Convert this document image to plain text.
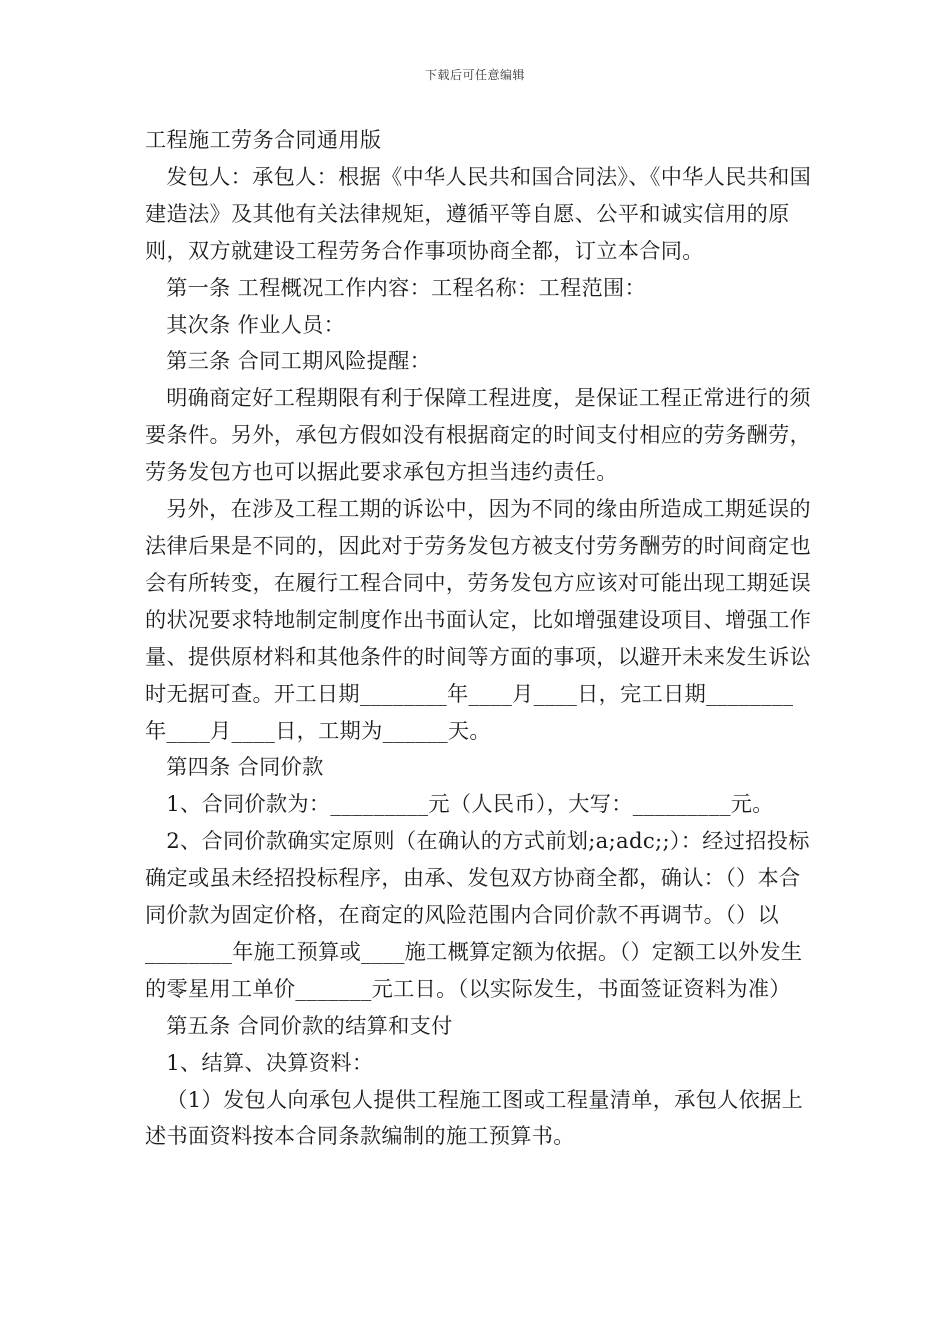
下载后可任意编辑

工程施工劳务合同通用版

发包人：承包人：根据《中华人民共和国合同法》、《中华人民共和国建造法》及其他有关法律规矩，遵循平等自愿、公平和诚实信用的原则，双方就建设工程劳务合作事项协商全都，订立本合同。

第一条 工程概况工作内容：工程名称：工程范围：

其次条 作业人员：

第三条 合同工期风险提醒：

明确商定好工程期限有利于保障工程进度，是保证工程正常进行的须要条件。另外，承包方假如没有根据商定的时间支付相应的劳务酬劳，劳务发包方也可以据此要求承包方担当违约责任。

另外，在涉及工程工期的诉讼中，因为不同的缘由所造成工期延误的法律后果是不同的，因此对于劳务发包方被支付劳务酬劳的时间商定也会有所转变，在履行工程合同中，劳务发包方应该对可能出现工期延误的状况要求特地制定制度作出书面认定，比如增强建设项目、增强工作量、提供原材料和其他条件的时间等方面的事项，以避开未来发生诉讼时无据可查。开工日期________年____月____日，完工日期________年____月____日，工期为______天。

第四条 合同价款

1、合同价款为：_________元（人民币），大写：_________元。

2、合同价款确实定原则（在确认的方式前划;a;adc;;）：经过招投标确定或虽未经招投标程序，由承、发包双方协商全都，确认：（）本合同价款为固定价格，在商定的风险范围内合同价款不再调节。（）以________年施工预算或____施工概算定额为依据。（）定额工以外发生的零星用工单价_______元工日。（以实际发生，书面签证资料为准）

第五条 合同价款的结算和支付

1、结算、决算资料：

（1）发包人向承包人提供工程施工图或工程量清单，承包人依据上述书面资料按本合同条款编制的施工预算书。
